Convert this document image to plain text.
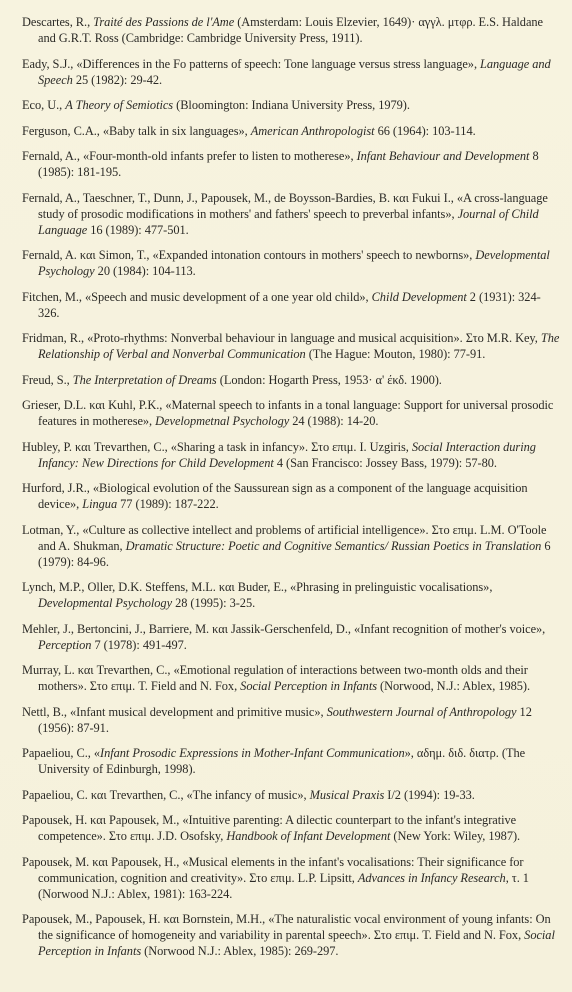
Descartes, R., Traité des Passions de l'Ame (Amsterdam: Louis Elzevier, 1649)· αγγλ. μτφρ. E.S. Haldane and G.R.T. Ross (Cambridge: Cambridge University Press, 1911).
Eady, S.J., «Differences in the Fo patterns of speech: Tone language versus stress language», Language and Speech 25 (1982): 29-42.
Eco, U., A Theory of Semiotics (Bloomington: Indiana University Press, 1979).
Ferguson, C.A., «Baby talk in six languages», American Anthropologist 66 (1964): 103-114.
Fernald, A., «Four-month-old infants prefer to listen to motherese», Infant Behaviour and Development 8 (1985): 181-195.
Fernald, A., Taeschner, T., Dunn, J., Papousek, M., de Boysson-Bardies, B. και Fukui I., «A cross-language study of prosodic modifications in mothers' and fathers' speech to preverbal infants», Journal of Child Language 16 (1989): 477-501.
Fernald, A. και Simon, T., «Expanded intonation contours in mothers' speech to newborns», Developmental Psychology 20 (1984): 104-113.
Fitchen, M., «Speech and music development of a one year old child», Child Development 2 (1931): 324-326.
Fridman, R., «Proto-rhythms: Nonverbal behaviour in language and musical acquisition». Στο M.R. Key, The Relationship of Verbal and Nonverbal Communication (The Hague: Mouton, 1980): 77-91.
Freud, S., The Interpretation of Dreams (London: Hogarth Press, 1953· α' έκδ. 1900).
Grieser, D.L. και Kuhl, P.K., «Maternal speech to infants in a tonal language: Support for universal prosodic features in motherese», Developmetnal Psychology 24 (1988): 14-20.
Hubley, P. και Trevarthen, C., «Sharing a task in infancy». Στο επιμ. I. Uzgiris, Social Interaction during Infancy: New Directions for Child Development 4 (San Francisco: Jossey Bass, 1979): 57-80.
Hurford, J.R., «Biological evolution of the Saussurean sign as a component of the language acquisition device», Lingua 77 (1989): 187-222.
Lotman, Y., «Culture as collective intellect and problems of artificial intelligence». Στο επιμ. L.M. O'Toole and A. Shukman, Dramatic Structure: Poetic and Cognitive Semantics/ Russian Poetics in Translation 6 (1979): 84-96.
Lynch, M.P., Oller, D.K. Steffens, M.L. και Buder, E., «Phrasing in prelinguistic vocalisations», Developmental Psychology 28 (1995): 3-25.
Mehler, J., Bertoncini, J., Barriere, M. και Jassik-Gerschenfeld, D., «Infant recognition of mother's voice», Perception 7 (1978): 491-497.
Murray, L. και Trevarthen, C., «Emotional regulation of interactions between two-month olds and their mothers». Στο επιμ. T. Field and N. Fox, Social Perception in Infants (Norwood, N.J.: Ablex, 1985).
Nettl, B., «Infant musical development and primitive music», Southwestern Journal of Anthropology 12 (1956): 87-91.
Papaeliou, C., «Infant Prosodic Expressions in Mother-Infant Communication», αδημ. διδ. διατρ. (The University of Edinburgh, 1998).
Papaeliou, C. και Trevarthen, C., «The infancy of music», Musical Praxis I/2 (1994): 19-33.
Papousek, H. και Papousek, M., «Intuitive parenting: A dilectic counterpart to the infant's integrative competence». Στο επιμ. J.D. Osofsky, Handbook of Infant Development (New York: Wiley, 1987).
Papousek, M. και Papousek, H., «Musical elements in the infant's vocalisations: Their significance for communication, cognition and creativity». Στο επιμ. L.P. Lipsitt, Advances in Infancy Research, τ. 1 (Norwood N.J.: Ablex, 1981): 163-224.
Papousek, M., Papousek, H. και Bornstein, M.H., «The naturalistic vocal environment of young infants: On the significance of homogeneity and variability in parental speech». Στο επιμ. T. Field and N. Fox, Social Perception in Infants (Norwood N.J.: Ablex, 1985): 269-297.
